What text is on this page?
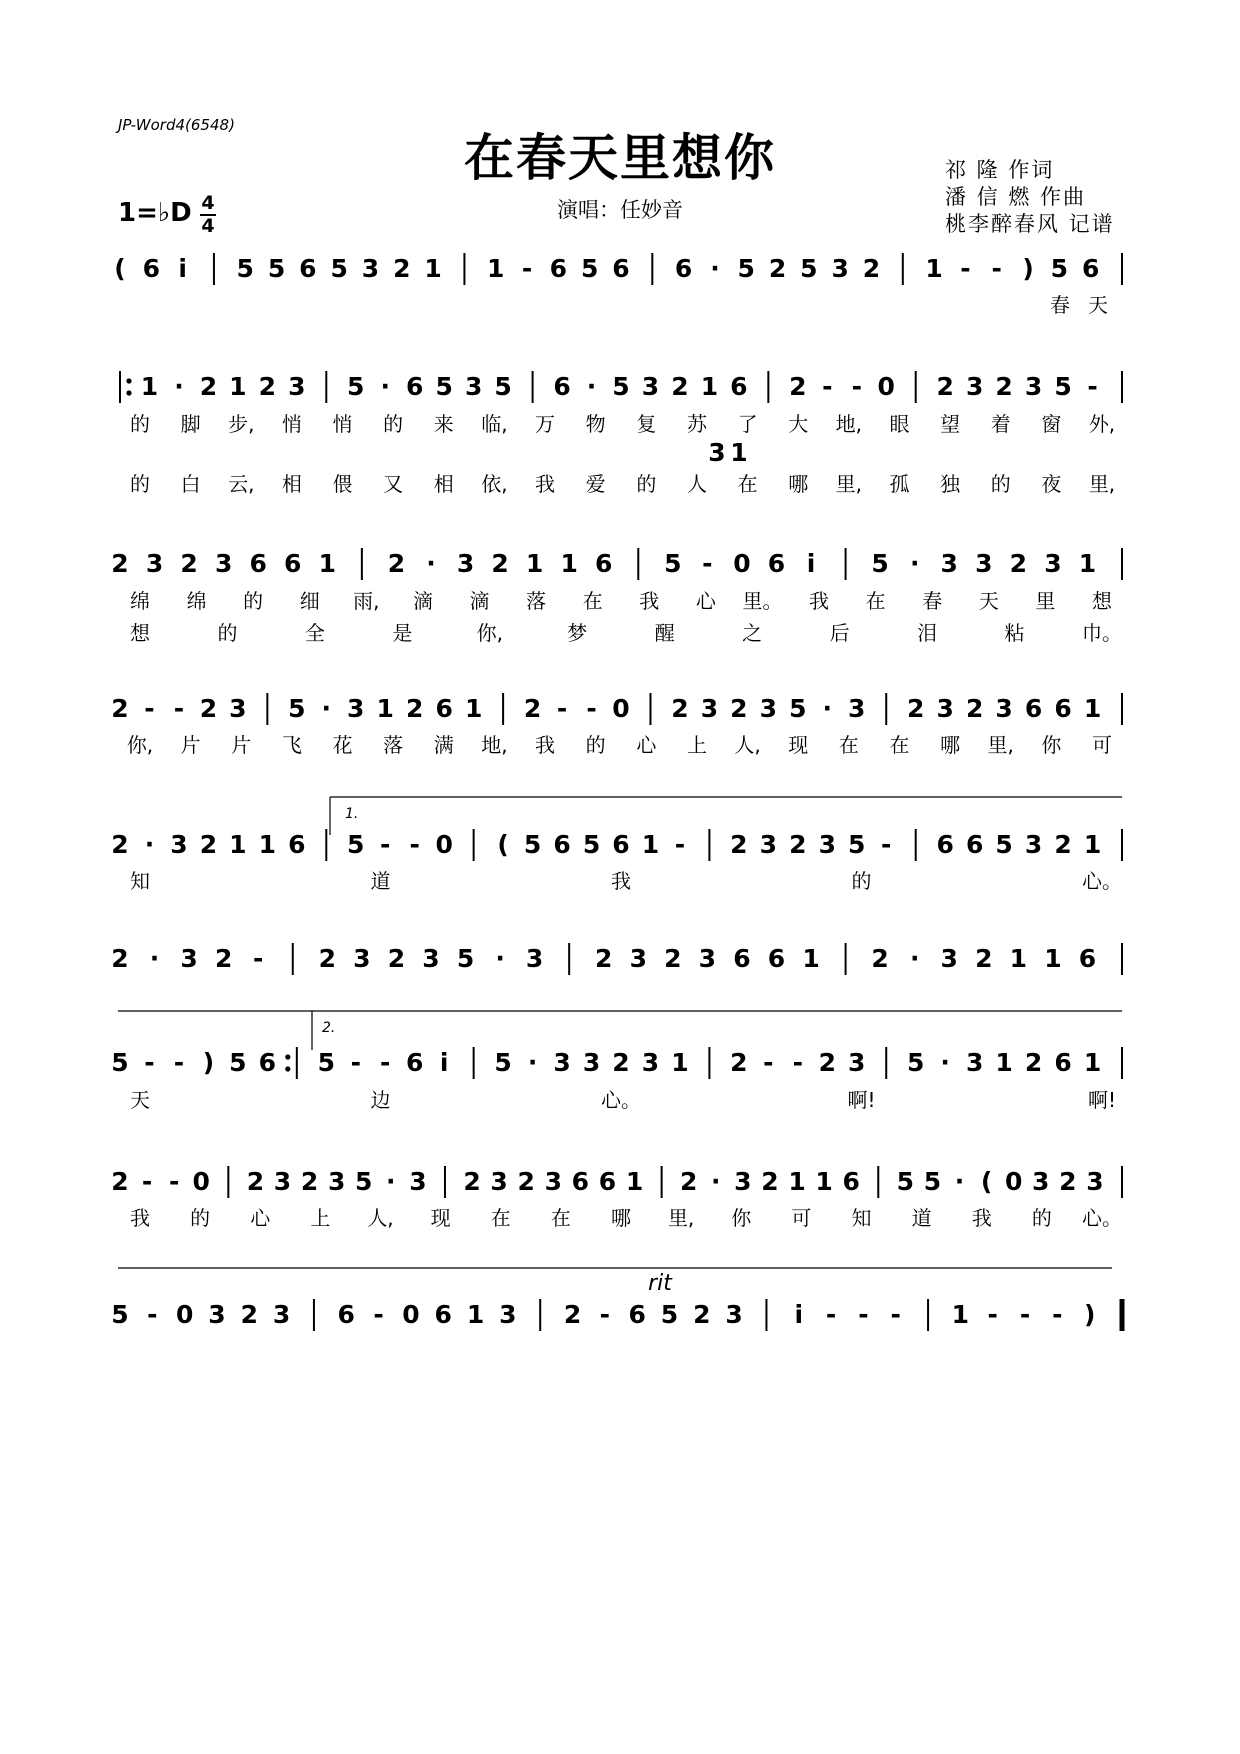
JP-Word4(6548)
在春天里想你
1=♭D 4
4
演唱：任妙音
祁 隆 作词
潘 信 燃 作曲
桃李醉春风 记谱
1.
2.
rit
( 6 i 5 5 6 5 3 2 1 1 - 6 5 6 6 · 5 2 5 3 2 1 - - ) 5 6
1 · 2 1 2 3 5 · 6 5 3 5 6 · 5 3 2 1 6 2 - - 0 2 3 2 3 5 -
3 1
2 3 2 3 6 6 1 2 · 3 2 1 1 6 5 - 0 6 i 5 · 3 3 2 3 1
2 - - 2 3 5 · 3 1 2 6 1 2 - - 0 2 3 2 3 5 · 3 2 3 2 3 6 6 1
2 · 3 2 1 1 6 5 - - 0 ( 5 6 5 6 1 - 2 3 2 3 5 - 6 6 5 3 2 1
2 · 3 2 - 2 3 2 3 5 · 3 2 3 2 3 6 6 1 2 · 3 2 1 1 6
5 - - ) 5 6 5 - - 6 i 5 · 3 3 2 3 1 2 - - 2 3 5 · 3 1 2 6 1
2 - - 0 2 3 2 3 5 · 3 2 3 2 3 6 6 1 2 · 3 2 1 1 6 5 5 · ( 0 3 2 3
5 - 0 3 2 3 6 - 0 6 1 3 2 - 6 5 2 3 i - - - 1 - - - )
春 天
的 脚 步, 悄 悄 的 来 临, 万 物 复 苏 了 大 地, 眼 望 着 窗 外,
的 白 云, 相 偎 又 相 依, 我 爱 的 人 在 哪 里, 孤 独 的 夜 里,
绵 绵 的 细 雨, 滴 滴 落 在 我 心 里。 我 在 春 天 里 想
想	的	全	是	你,	梦	醒	之	后	泪	粘	巾。
你, 片 片 飞 花 落 满 地, 我 的 心 上 人, 现 在 在 哪 里, 你 可
知	道	我	的	心。
天	边	心。	啊!	啊!
我 的 心 上 人, 现 在 在 哪 里, 你 可 知 道 我 的 心。
